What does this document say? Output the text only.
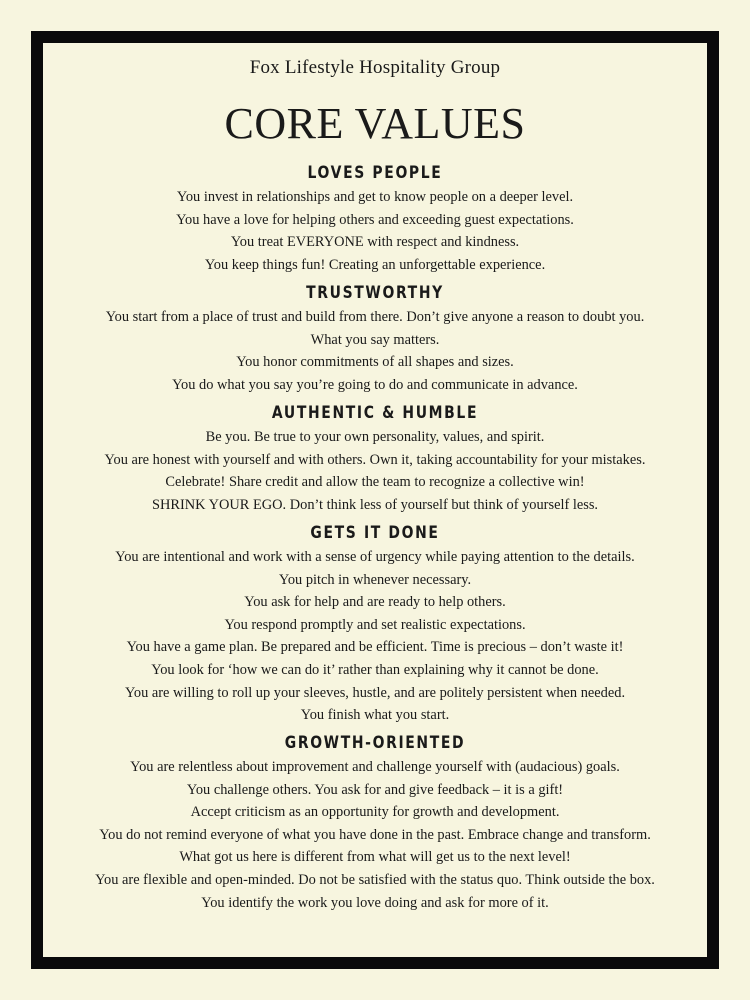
Fox Lifestyle Hospitality Group
CORE VALUES
LOVES PEOPLE
You invest in relationships and get to know people on a deeper level.
You have a love for helping others and exceeding guest expectations.
You treat EVERYONE with respect and kindness.
You keep things fun! Creating an unforgettable experience.
TRUSTWORTHY
You start from a place of trust and build from there. Don’t give anyone a reason to doubt you.
What you say matters.
You honor commitments of all shapes and sizes.
You do what you say you’re going to do and communicate in advance.
AUTHENTIC & HUMBLE
Be you. Be true to your own personality, values, and spirit.
You are honest with yourself and with others. Own it, taking accountability for your mistakes.
Celebrate! Share credit and allow the team to recognize a collective win!
SHRINK YOUR EGO. Don’t think less of yourself but think of yourself less.
GETS IT DONE
You are intentional and work with a sense of urgency while paying attention to the details.
You pitch in whenever necessary.
You ask for help and are ready to help others.
You respond promptly and set realistic expectations.
You have a game plan. Be prepared and be efficient. Time is precious – don’t waste it!
You look for ‘how we can do it’ rather than explaining why it cannot be done.
You are willing to roll up your sleeves, hustle, and are politely persistent when needed.
You finish what you start.
GROWTH-ORIENTED
You are relentless about improvement and challenge yourself with (audacious) goals.
You challenge others. You ask for and give feedback – it is a gift!
Accept criticism as an opportunity for growth and development.
You do not remind everyone of what you have done in the past. Embrace change and transform.
What got us here is different from what will get us to the next level!
You are flexible and open-minded. Do not be satisfied with the status quo. Think outside the box.
You identify the work you love doing and ask for more of it.
